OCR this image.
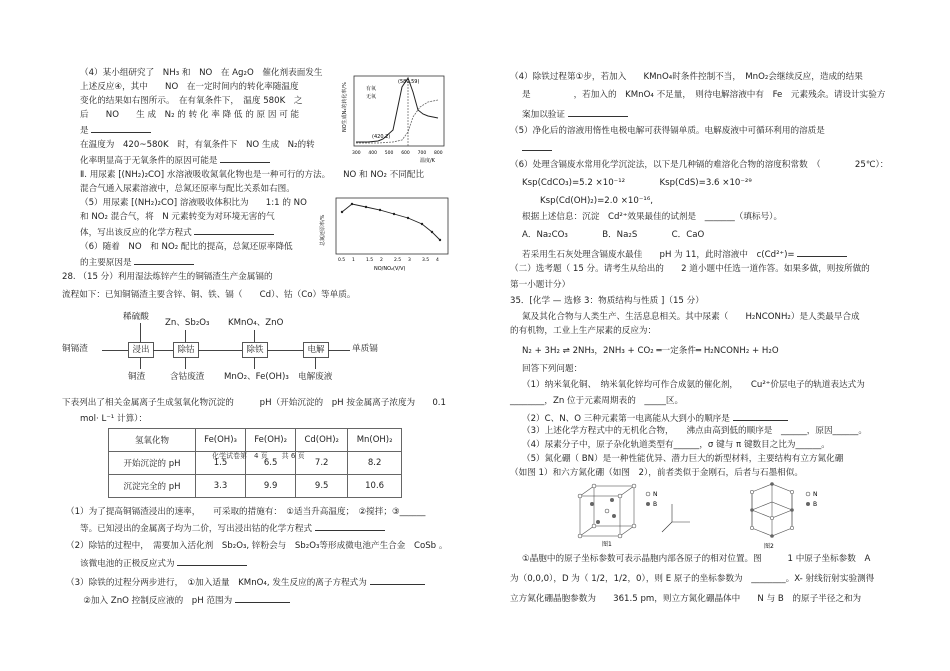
（4）某小组研究了　NH₃ 和　NO　在 Ag₂O　催化剂表面发生
上述反应④，其中　　NO　在一定时间内的转化率随温度
变化的结果如右图所示。　在有氧条件下，　温度 580K　之
后　　NO　　生 成　N₂ 的 转 化 率 降 低 的 原 因 可 能
是
在温度为　420~580K　时，有氧条件下　NO 生成　N₂的转
化率明显高于无氧条件的原因可能是
NO生成N₂的转化率/%
(580,59)
(420,2)
有氧
无氧
温度/K
300 400 500 600 700 800
Ⅱ. 用尿素 [(NH₂)₂CO] 水溶液吸收氮氧化物也是一种可行的方法。　　NO 和 NO₂ 不同配比
混合气通入尿素溶液中，总氮还原率与配比关系如右图。
（5）用尿素 [(NH₂)₂CO] 溶液吸收体积比为　　1:1 的 NO
和 NO₂ 混合气，将　N 元素转变为对环境无害的气
体，写出该反应的化学方程式
（6）随着　NO　和 NO₂ 配比的提高，总氮还原率降低
的主要原因是
总氮还原率/%
NO/NO₂(V/V)
0.5 1 1.5 2 2.5 3 3.5 4
28. （15 分）利用湿法炼锌产生的铜镉渣生产金属镉的
流程如下：已知铜镉渣主要含锌、铜、铁、镉（　　Cd）、钴（Co）等单质。
稀硫酸
Zn、Sb₂O₃ KMnO₄、ZnO
铜镉渣	浸出	除钴	除铁	电解	单质镉
铜渣	含钴废渣 MnO₂、Fe(OH)₃ 电解废液
下表列出了相关金属离子生成氢氧化物沉淀的　　　pH（开始沉淀的　pH 按金属离子浓度为　　0.1
mol· L⁻¹ 计算）：
氢氧化物	Fe(OH)₃	Fe(OH)₂	Cd(OH)₂	Mn(OH)₂
开始沉淀的 pH	1.5	6.5	7.2	8.2
沉淀完全的 pH	3.3	9.9	9.5	10.6
化学试卷第　4 页　　共 6 页
（1）为了提高铜镉渣浸出的速率，　　可采取的措施有：　①适当升高温度；　②搅拌；③______
等。已知浸出的金属离子均为二价，写出浸出钴的化学方程式
（2）除钴的过程中，　需要加入活化剂　Sb₂O₃, 锌粉会与　Sb₂O₃等形成微电池产生合金　CoSb 。
该微电池的正极反应式为
（3）除铁的过程分两步进行，　①加入适量　KMnO₄, 发生反应的离子方程式为
　　②加入 ZnO 控制反应液的　pH 范围为
（4）除铁过程第①步，若加入　　KMnO₄时条件控制不当，　MnO₂会继续反应，造成的结果
是　　　　　，若加入的　KMnO₄ 不足量，　则待电解溶液中有　Fe　元素残余。请设计实验方
案加以验证
（5）净化后的溶液用惰性电极电解可获得镉单质。电解废液中可循环利用的溶质是
（6）处理含镉废水常用化学沉淀法，以下是几种镉的难溶化合物的溶度积常数　（　　　　25℃）：
Ksp(CdCO₃)=5.2 ×10⁻¹²　　　　Ksp(CdS)=3.6 ×10⁻²⁹
Ksp(Cd(OH)₂)=2.0 ×10⁻¹⁶,
根据上述信息：沉淀　Cd²⁺效果最佳的试剂是　_______（填标号）。
A．Na₂CO₃　　　　B．Na₂S　　　　C．CaO
若采用生石灰处理含镉废水最佳　　pH 为 11，此时溶液中　c(Cd²⁺)=
（二）选考题（ 15 分。请考生从给出的　　2 道小题中任选一道作答。如果多做，则按所做的
第一小题计分）
35．[化学 — 选修 3：物质结构与性质 ]（15 分）
氮及其化合物与人类生产、生活息息相关。其中尿素（　　H₂NCONH₂）是人类最早合成
的有机物，工业上生产尿素的反应为：
N₂ + 3H₂ ⇌ 2NH₃，2NH₃ + CO₂ ═一定条件═ H₂NCONH₂ + H₂O
回答下列问题：
（1）纳米氧化铜、　纳米氧化锌均可作合成氨的催化剂，　　Cu²⁺价层电子的轨道表达式为
________，Zn 位于元素周期表的　_____区。
（2）C、N、O 三种元素第一电离能从大到小的顺序是
（3）上述化学方程式中的无机化合物，　　沸点由高到低的顺序是　______，原因______。
（4）尿素分子中，原子杂化轨道类型有______，σ 键与 π 键数目之比为______。
（5）氮化硼（ BN）是一种性能优异、潜力巨大的新型材料，主要结构有立方氮化硼
（如图 1）和六方氮化硼（如图　2），前者类似于金刚石，后者与石墨相似。
N
B
图1
N
B
图2
①晶胞中的原子坐标参数可表示晶胞内部各原子的相对位置。图　　　1 中原子坐标参数　A
为（0,0,0），D 为（ 1/2，1/2，0），则 E 原子的坐标参数为　________。X- 射线衍射实验测得
立方氮化硼晶胞参数为　　361.5 pm，则立方氮化硼晶体中　　N 与 B　的原子半径之和为
